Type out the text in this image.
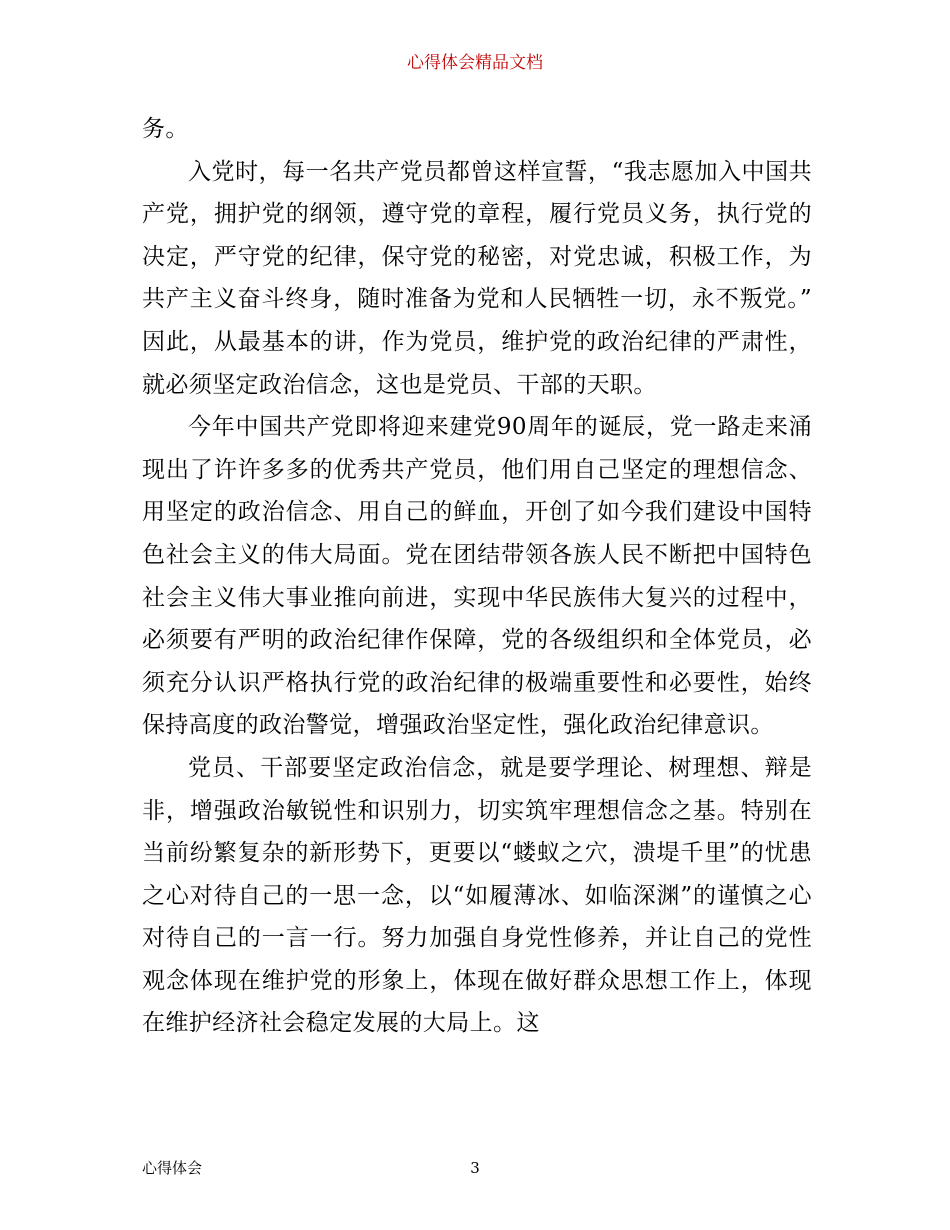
心得体会精品文档

务。

入党时，每一名共产党员都曾这样宣誓，“我志愿加入中国共产党，拥护党的纲领，遵守党的章程，履行党员义务，执行党的决定，严守党的纪律，保守党的秘密，对党忠诚，积极工作，为共产主义奋斗终身，随时准备为党和人民牺牲一切，永不叛党。” 因此，从最基本的讲，作为党员，维护党的政治纪律的严肃性，就必须坚定政治信念，这也是党员、干部的天职。

今年中国共产党即将迎来建党90周年的诞辰，党一路走来涌现出了许许多多的优秀共产党员，他们用自己坚定的理想信念、用坚定的政治信念、用自己的鲜血，开创了如今我们建设中国特色社会主义的伟大局面。党在团结带领各族人民不断把中国特色社会主义伟大事业推向前进，实现中华民族伟大复兴的过程中，必须要有严明的政治纪律作保障，党的各级组织和全体党员，必须充分认识严格执行党的政治纪律的极端重要性和必要性，始终保持高度的政治警觉，增强政治坚定性，强化政治纪律意识。

党员、干部要坚定政治信念，就是要学理论、树理想、辩是非，增强政治敏锐性和识别力，切实筑牢理想信念之基。特别在当前纷繁复杂的新形势下，更要以“蝼蚁之穴，溃堤千里”的忧患之心对待自己的一思一念，以“如履薄冰、如临深渊”的谨慎之心对待自己的一言一行。努力加强自身党性修养，并让自己的党性观念体现在维护党的形象上，体现在做好群众思想工作上，体现在维护经济社会稳定发展的大局上。这

心得体会	3
